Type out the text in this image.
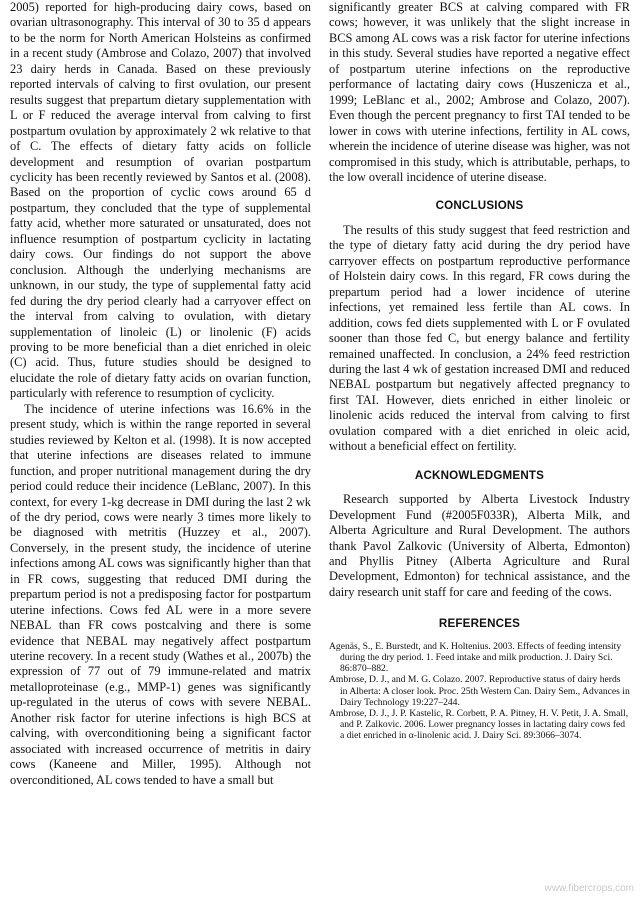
2005) reported for high-producing dairy cows, based on ovarian ultrasonography. This interval of 30 to 35 d appears to be the norm for North American Holsteins as confirmed in a recent study (Ambrose and Colazo, 2007) that involved 23 dairy herds in Canada. Based on these previously reported intervals of calving to first ovulation, our present results suggest that prepartum dietary supplementation with L or F reduced the average interval from calving to first postpartum ovulation by approximately 2 wk relative to that of C. The effects of dietary fatty acids on follicle development and resumption of ovarian postpartum cyclicity has been recently reviewed by Santos et al. (2008). Based on the proportion of cyclic cows around 65 d postpartum, they concluded that the type of supplemental fatty acid, whether more saturated or unsaturated, does not influence resumption of postpartum cyclicity in lactating dairy cows. Our findings do not support the above conclusion. Although the underlying mechanisms are unknown, in our study, the type of supplemental fatty acid fed during the dry period clearly had a carryover effect on the interval from calving to ovulation, with dietary supplementation of linoleic (L) or linolenic (F) acids proving to be more beneficial than a diet enriched in oleic (C) acid. Thus, future studies should be designed to elucidate the role of dietary fatty acids on ovarian function, particularly with reference to resumption of cyclicity.

The incidence of uterine infections was 16.6% in the present study, which is within the range reported in several studies reviewed by Kelton et al. (1998). It is now accepted that uterine infections are diseases related to immune function, and proper nutritional management during the dry period could reduce their incidence (LeBlanc, 2007). In this context, for every 1-kg decrease in DMI during the last 2 wk of the dry period, cows were nearly 3 times more likely to be diagnosed with metritis (Huzzey et al., 2007). Conversely, in the present study, the incidence of uterine infections among AL cows was significantly higher than that in FR cows, suggesting that reduced DMI during the prepartum period is not a predisposing factor for postpartum uterine infections. Cows fed AL were in a more severe NEBAL than FR cows postcalving and there is some evidence that NEBAL may negatively affect postpartum uterine recovery. In a recent study (Wathes et al., 2007b) the expression of 77 out of 79 immune-related and matrix metalloproteinase (e.g., MMP-1) genes was significantly up-regulated in the uterus of cows with severe NEBAL. Another risk factor for uterine infections is high BCS at calving, with overconditioning being a significant factor associated with increased occurrence of metritis in dairy cows (Kaneene and Miller, 1995). Although not overconditioned, AL cows tended to have a small but

significantly greater BCS at calving compared with FR cows; however, it was unlikely that the slight increase in BCS among AL cows was a risk factor for uterine infections in this study. Several studies have reported a negative effect of postpartum uterine infections on the reproductive performance of lactating dairy cows (Huszenicza et al., 1999; LeBlanc et al., 2002; Ambrose and Colazo, 2007). Even though the percent pregnancy to first TAI tended to be lower in cows with uterine infections, fertility in AL cows, wherein the incidence of uterine disease was higher, was not compromised in this study, which is attributable, perhaps, to the low overall incidence of uterine disease.

CONCLUSIONS

The results of this study suggest that feed restriction and the type of dietary fatty acid during the dry period have carryover effects on postpartum reproductive performance of Holstein dairy cows. In this regard, FR cows during the prepartum period had a lower incidence of uterine infections, yet remained less fertile than AL cows. In addition, cows fed diets supplemented with L or F ovulated sooner than those fed C, but energy balance and fertility remained unaffected. In conclusion, a 24% feed restriction during the last 4 wk of gestation increased DMI and reduced NEBAL postpartum but negatively affected pregnancy to first TAI. However, diets enriched in either linoleic or linolenic acids reduced the interval from calving to first ovulation compared with a diet enriched in oleic acid, without a beneficial effect on fertility.

ACKNOWLEDGMENTS

Research supported by Alberta Livestock Industry Development Fund (#2005F033R), Alberta Milk, and Alberta Agriculture and Rural Development. The authors thank Pavol Zalkovic (University of Alberta, Edmonton) and Phyllis Pitney (Alberta Agriculture and Rural Development, Edmonton) for technical assistance, and the dairy research unit staff for care and feeding of the cows.

REFERENCES

Agenäs, S., E. Burstedt, and K. Holtenius. 2003. Effects of feeding intensity during the dry period. 1. Feed intake and milk production. J. Dairy Sci. 86:870–882.

Ambrose, D. J., and M. G. Colazo. 2007. Reproductive status of dairy herds in Alberta: A closer look. Proc. 25th Western Can. Dairy Sem., Advances in Dairy Technology 19:227–244.

Ambrose, D. J., J. P. Kastelic, R. Corbett, P. A. Pitney, H. V. Petit, J. A. Small, and P. Zalkovic. 2006. Lower pregnancy losses in lactating dairy cows fed a diet enriched in α-linolenic acid. J. Dairy Sci. 89:3066–3074.

www.fibercrops.com
